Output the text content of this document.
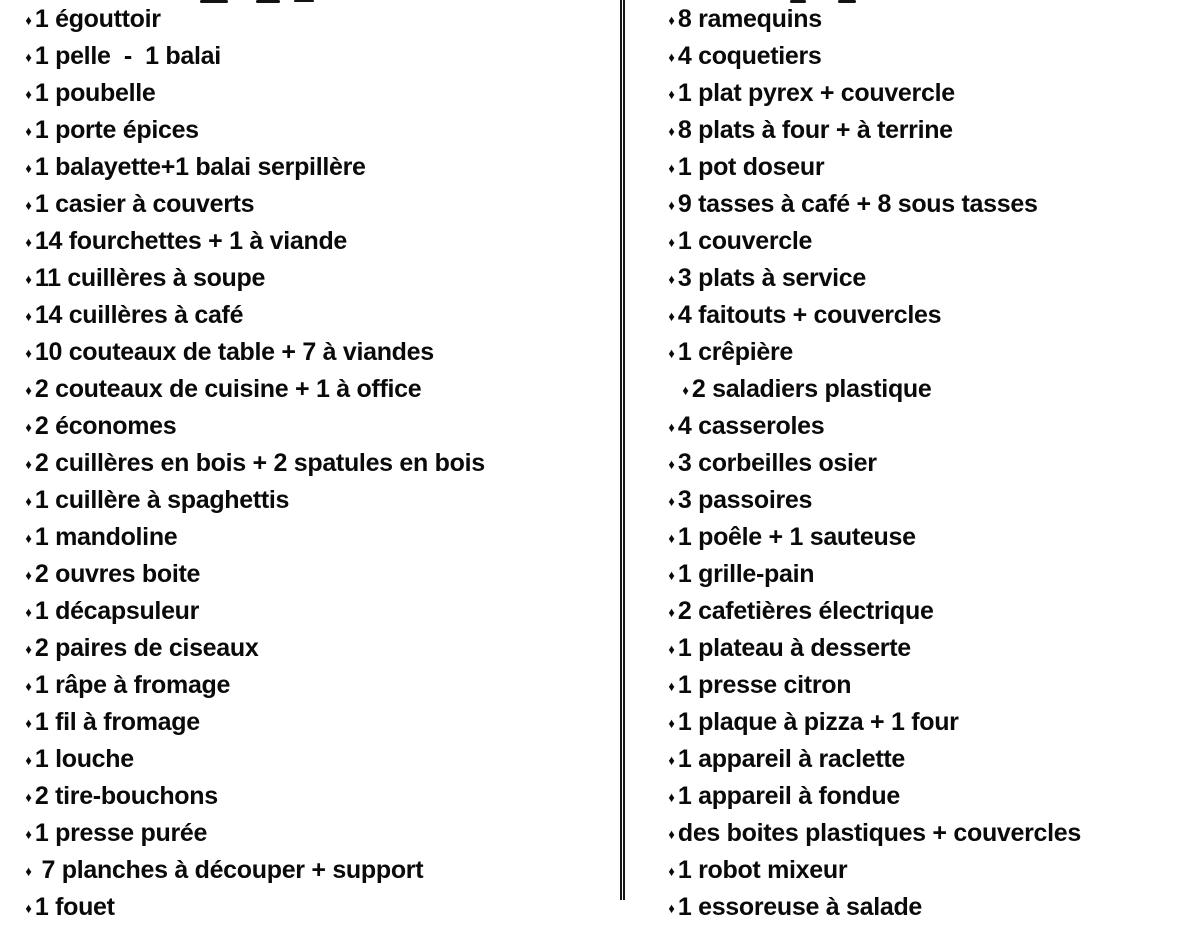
♦ 1 égouttoir
♦ 1 pelle  -  1 balai
♦ 1 poubelle
♦ 1 porte épices
♦ 1 balayette+1 balai serpillère
♦ 1 casier à couverts
♦ 14 fourchettes + 1 à viande
♦ 11 cuillères à soupe
♦ 14 cuillères à café
♦ 10 couteaux de table + 7 à viandes
♦ 2 couteaux de cuisine + 1 à office
♦ 2 économes
♦ 2 cuillères en bois + 2 spatules en bois
♦ 1 cuillère à spaghettis
♦ 1 mandoline
♦ 2 ouvres boite
♦ 1 décapsuleur
♦ 2 paires de ciseaux
♦ 1 râpe à fromage
♦ 1 fil à fromage
♦ 1 louche
♦ 2 tire-bouchons
♦ 1 presse purée
♦ 7 planches à découper + support
♦ 1 fouet
♦ 8 ramequins
♦ 4 coquetiers
♦ 1 plat pyrex + couvercle
♦ 8 plats à four + à terrine
♦ 1 pot doseur
♦ 9 tasses à café + 8 sous tasses
♦ 1 couvercle
♦ 3 plats à service
♦ 4 faitouts + couvercles
♦ 1 crêpière
♦ 2 saladiers plastique
♦ 4 casseroles
♦ 3 corbeilles osier
♦ 3 passoires
♦ 1 poêle + 1 sauteuse
♦ 1 grille-pain
♦ 2 cafetières électrique
♦ 1 plateau à desserte
♦ 1 presse citron
♦ 1 plaque à pizza + 1 four
♦ 1 appareil à raclette
♦ 1 appareil à fondue
♦ des boites plastiques + couvercles
♦ 1 robot mixeur
♦ 1 essoreuse à salade
